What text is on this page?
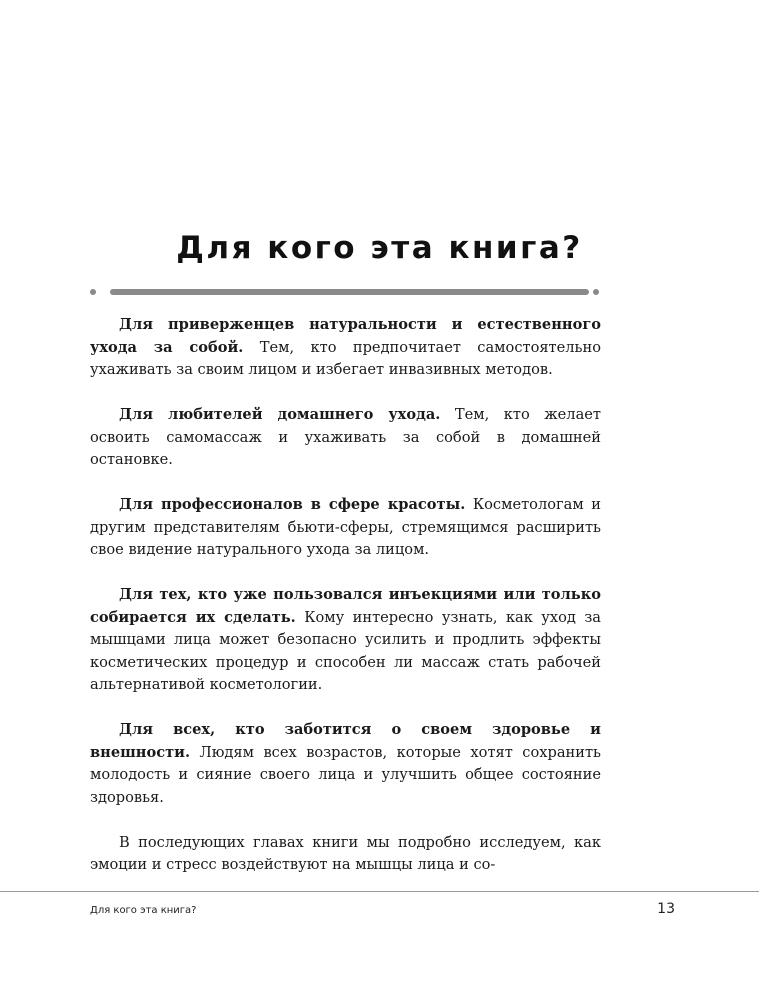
Для кого эта книга?

Для приверженцев натуральности и естественного ухода за собой. Тем, кто предпочитает самостоятельно ухаживать за своим лицом и избегает инвазивных методов.

Для любителей домашнего ухода. Тем, кто желает освоить самомассаж и ухаживать за собой в домашней остановке.

Для профессионалов в сфере красоты. Косметологам и другим представителям бьюти-сферы, стремящимся расширить свое видение натурального ухода за лицом.

Для тех, кто уже пользовался инъекциями или только собирается их сделать. Кому интересно узнать, как уход за мышцами лица может безопасно усилить и продлить эффекты косметических процедур и способен ли массаж стать рабочей альтернативой косметологии.

Для всех, кто заботится о своем здоровье и внешности. Людям всех возрастов, которые хотят сохранить молодость и сияние своего лица и улучшить общее состояние здоровья.

В последующих главах книги мы подробно исследуем, как эмоции и стресс воздействуют на мышцы лица и со-

Для кого эта книга?	13
